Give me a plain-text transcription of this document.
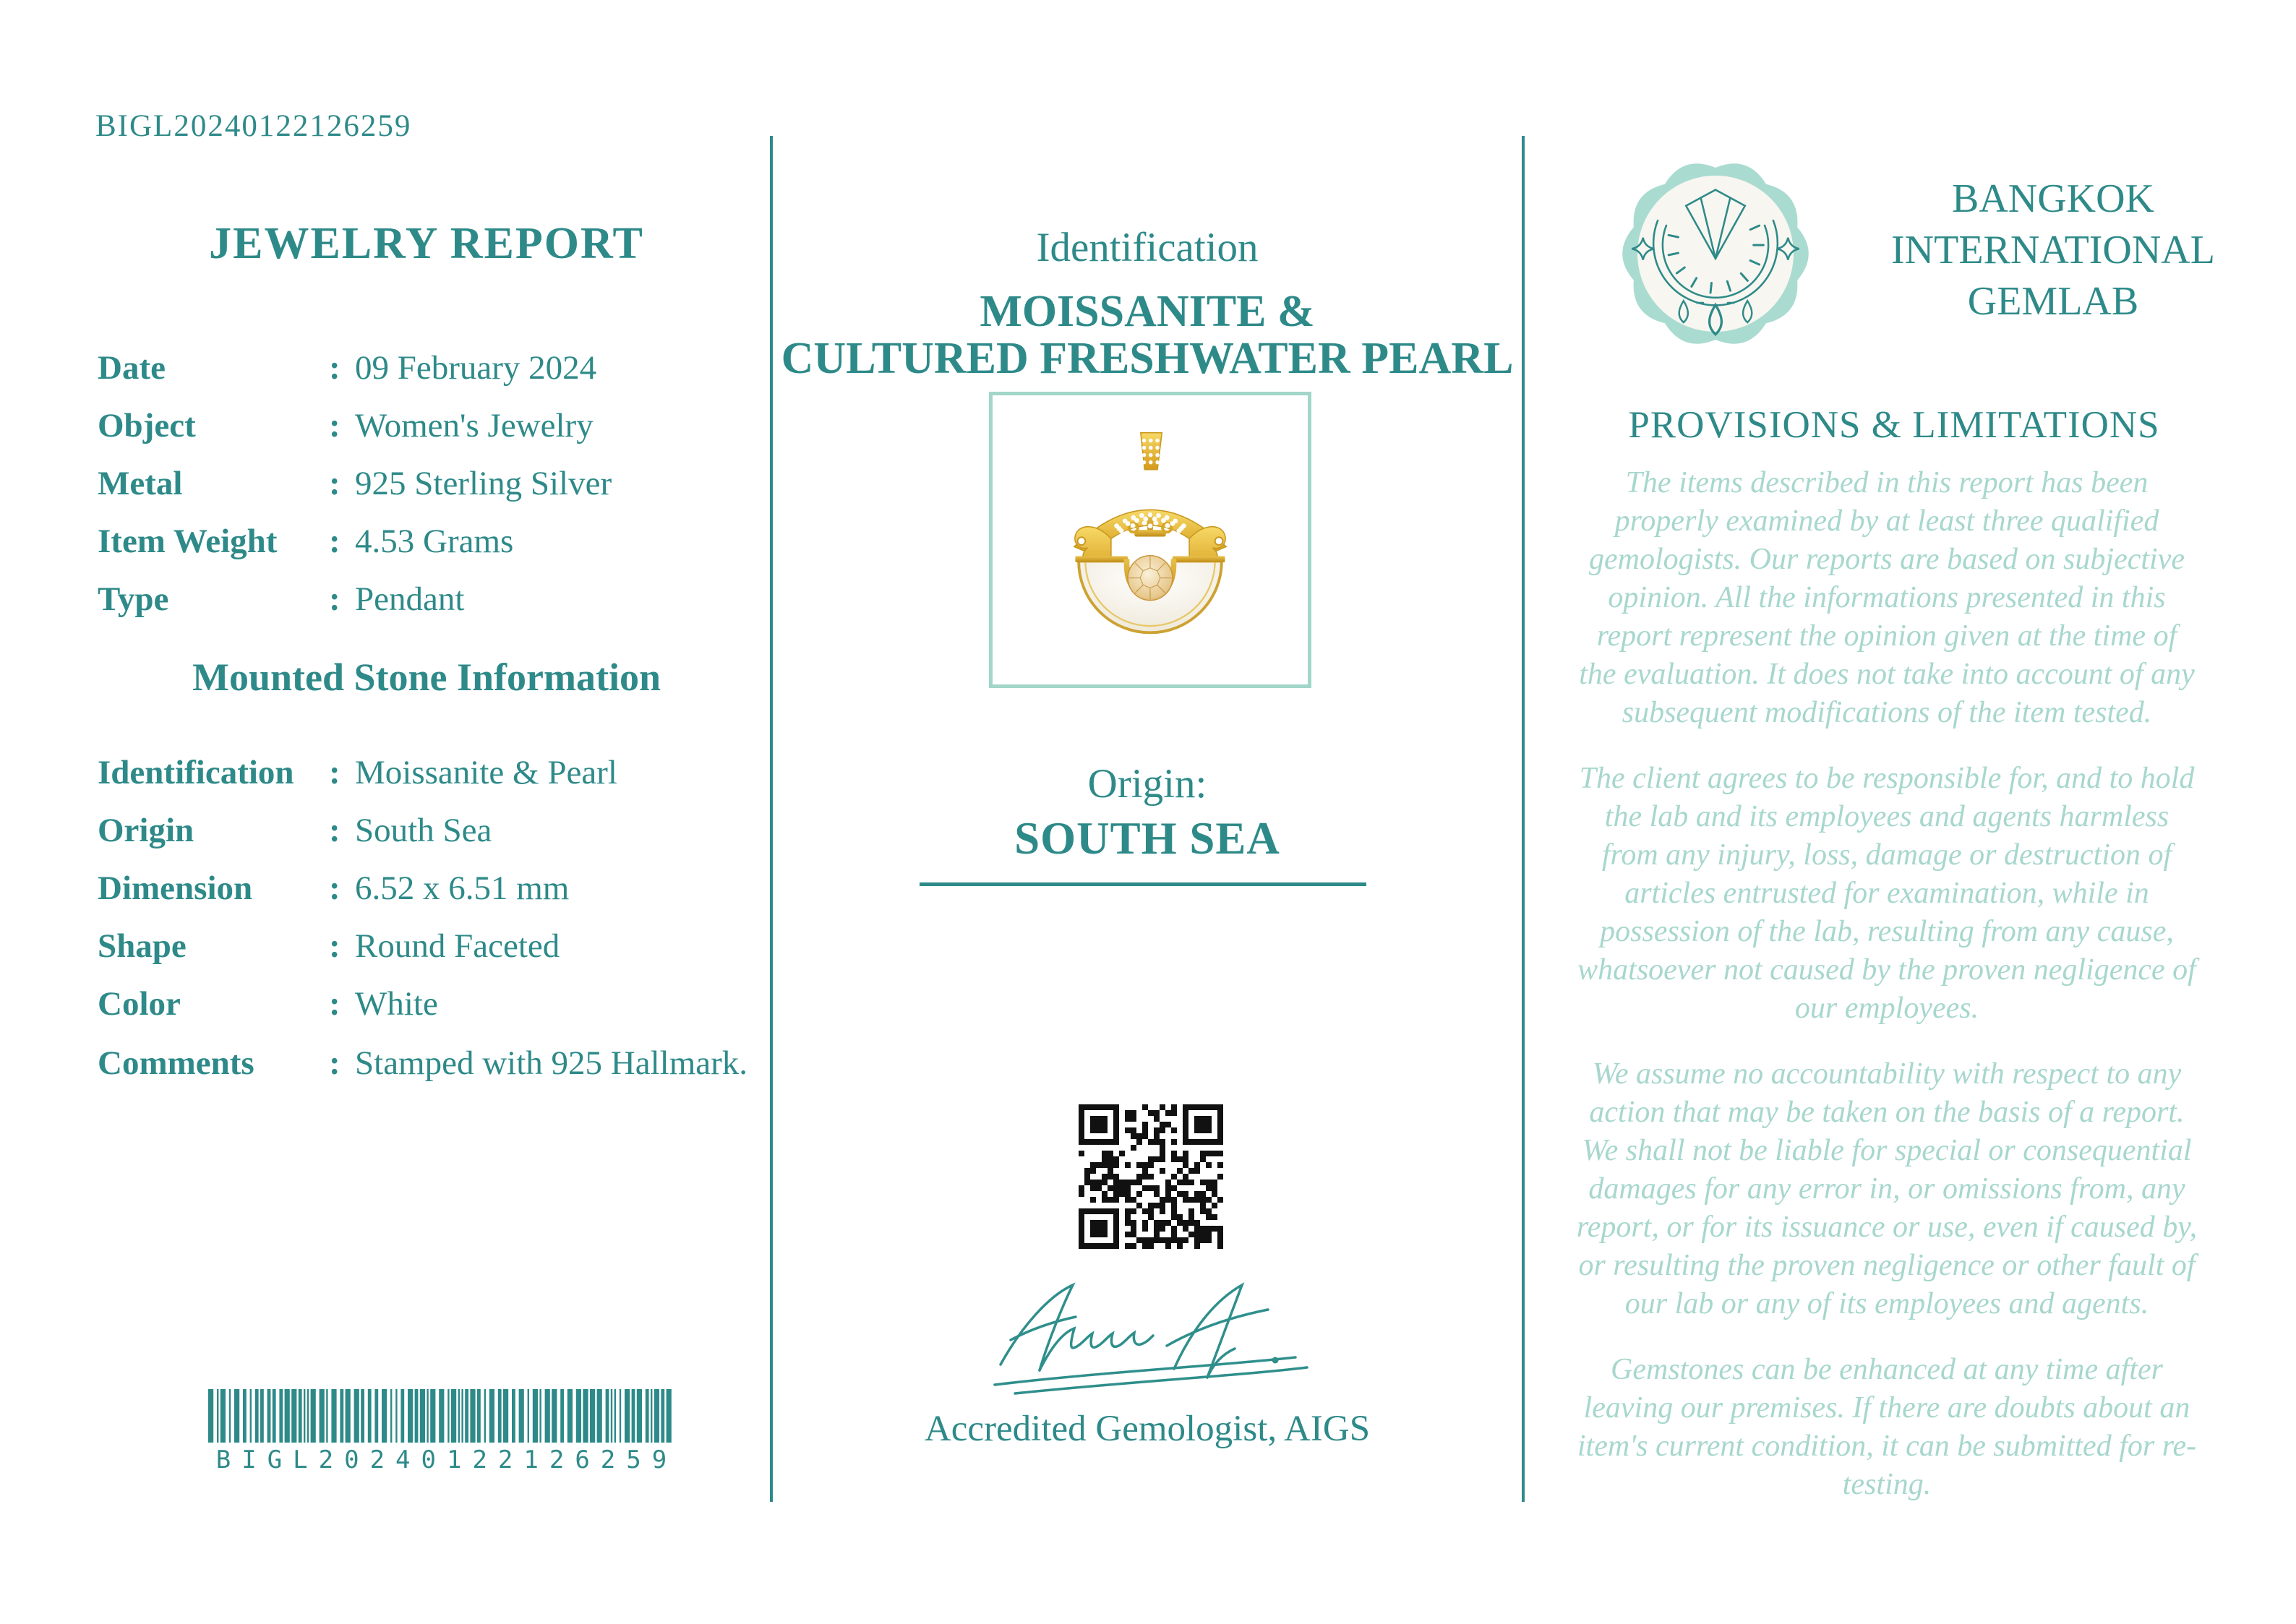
BIGL20240122126259
JEWELRY REPORT
Date	: 09 February 2024
Object	: Women's Jewelry
Metal	: 925 Sterling Silver
Item Weight : 4.53 Grams
Type	: Pendant
Mounted Stone Information
Identification : Moissanite & Pearl
Origin	: South Sea
Dimension : 6.52 x 6.51 mm
Shape	: Round Faceted
Color	: White
Comments : Stamped with 925 Hallmark.
BIGL20240122126259
Identification
MOISSANITE &
CULTURED FRESHWATER PEARL
Origin:
SOUTH SEA
Accredited Gemologist, AIGS
BANGKOK
INTERNATIONAL
GEMLAB
PROVISIONS & LIMITATIONS

The items described in this report has been properly examined by at least three qualified gemologists. Our reports are based on subjective opinion. All the informations presented in this report represent the opinion given at the time of the evaluation. It does not take into account of any subsequent modifications of the item tested.

The client agrees to be responsible for, and to hold the lab and its employees and agents harmless from any injury, loss, damage or destruction of articles entrusted for examination, while in possession of the lab, resulting from any cause, whatsoever not caused by the proven negligence of our employees.

We assume no accountability with respect to any action that may be taken on the basis of a report. We shall not be liable for special or consequential damages for any error in, or omissions from, any report, or for its issuance or use, even if caused by, or resulting the proven negligence or other fault of our lab or any of its employees and agents.

Gemstones can be enhanced at any time after leaving our premises. If there are doubts about an item's current condition, it can be submitted for re-testing.
